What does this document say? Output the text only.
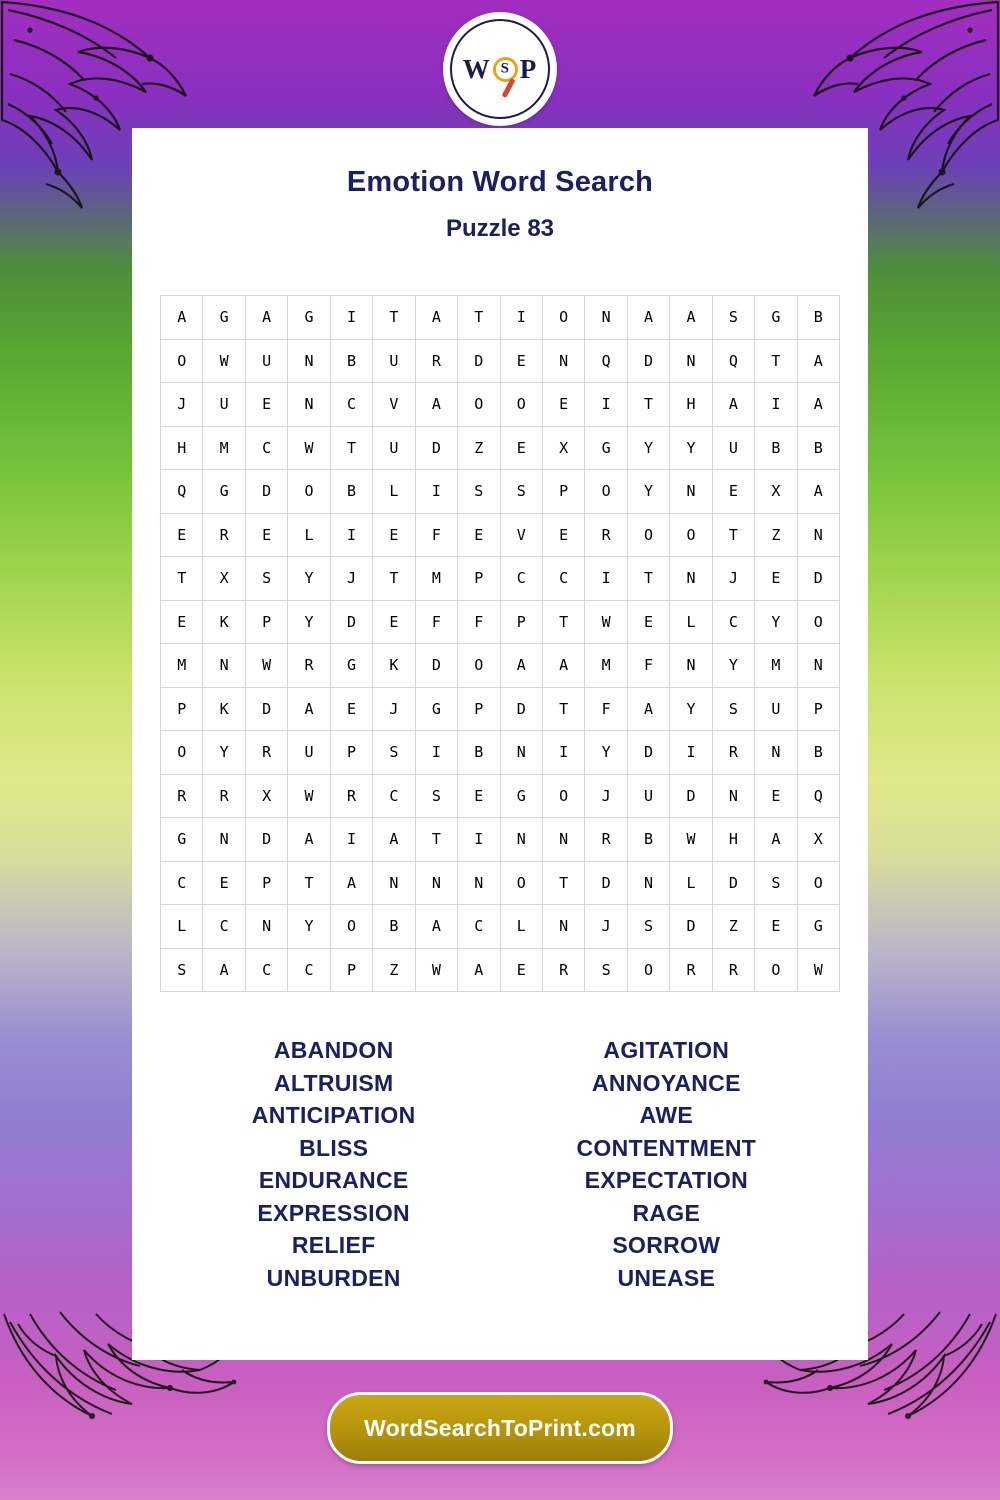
W S P
Emotion Word Search
Puzzle 83
A	G	A	G	I	T	A	T	I	O	N	A	A	S	G	B
O	W	U	N	B	U	R	D	E	N	Q	D	N	Q	T	A
J	U	E	N	C	V	A	O	O	E	I	T	H	A	I	A
H	M	C	W	T	U	D	Z	E	X	G	Y	Y	U	B	B
Q	G	D	O	B	L	I	S	S	P	O	Y	N	E	X	A
E	R	E	L	I	E	F	E	V	E	R	O	O	T	Z	N
T	X	S	Y	J	T	M	P	C	C	I	T	N	J	E	D
E	K	P	Y	D	E	F	F	P	T	W	E	L	C	Y	O
M	N	W	R	G	K	D	O	A	A	M	F	N	Y	M	N
P	K	D	A	E	J	G	P	D	T	F	A	Y	S	U	P
O	Y	R	U	P	S	I	B	N	I	Y	D	I	R	N	B
R	R	X	W	R	C	S	E	G	O	J	U	D	N	E	Q
G	N	D	A	I	A	T	I	N	N	R	B	W	H	A	X
C	E	P	T	A	N	N	N	O	T	D	N	L	D	S	O
L	C	N	Y	O	B	A	C	L	N	J	S	D	Z	E	G
S	A	C	C	P	Z	W	A	E	R	S	O	R	R	O	W
ABANDON
ALTRUISM
ANTICIPATION
BLISS
ENDURANCE
EXPRESSION
RELIEF
UNBURDEN
AGITATION
ANNOYANCE
AWE
CONTENTMENT
EXPECTATION
RAGE
SORROW
UNEASE
WordSearchToPrint.com
